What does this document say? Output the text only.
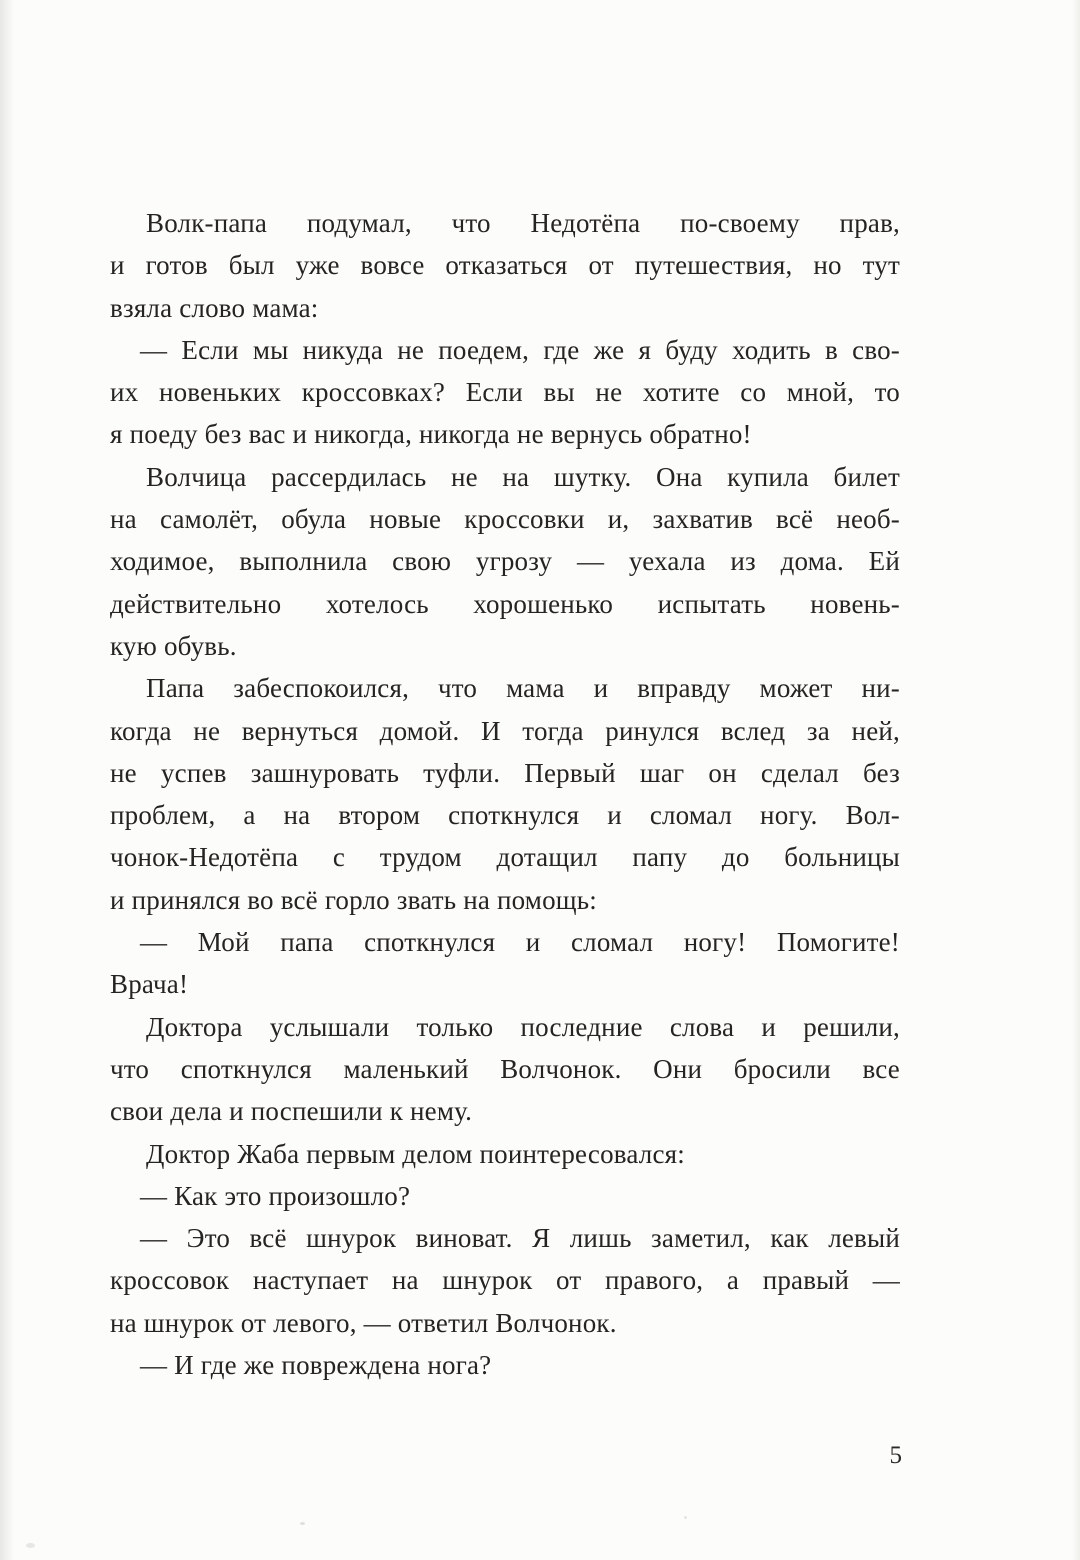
Волк-папа подумал, что Недотёпа по-своему прав,
и готов был уже вовсе отказаться от путешествия, но тут
взяла слово мама:
— Если мы никуда не поедем, где же я буду ходить в сво-
их новеньких кроссовках? Если вы не хотите со мной, то
я поеду без вас и никогда, никогда не вернусь обратно!
Волчица рассердилась не на шутку. Она купила билет
на самолёт, обула новые кроссовки и, захватив всё необ-
ходимое, выполнила свою угрозу — уехала из дома. Ей
действительно хотелось хорошенько испытать новень-
кую обувь.
Папа забеспокоился, что мама и вправду может ни-
когда не вернуться домой. И тогда ринулся вслед за ней,
не успев зашнуровать туфли. Первый шаг он сделал без
проблем, а на втором споткнулся и сломал ногу. Вол-
чонок-Недотёпа с трудом дотащил папу до больницы
и принялся во всё горло звать на помощь:
— Мой папа споткнулся и сломал ногу! Помогите!
Врача!
Доктора услышали только последние слова и решили,
что споткнулся маленький Волчонок. Они бросили все
свои дела и поспешили к нему.
Доктор Жаба первым делом поинтересовался:
— Как это произошло?
— Это всё шнурок виноват. Я лишь заметил, как левый
кроссовок наступает на шнурок от правого, а правый —
на шнурок от левого, — ответил Волчонок.
— И где же повреждена нога?
5
